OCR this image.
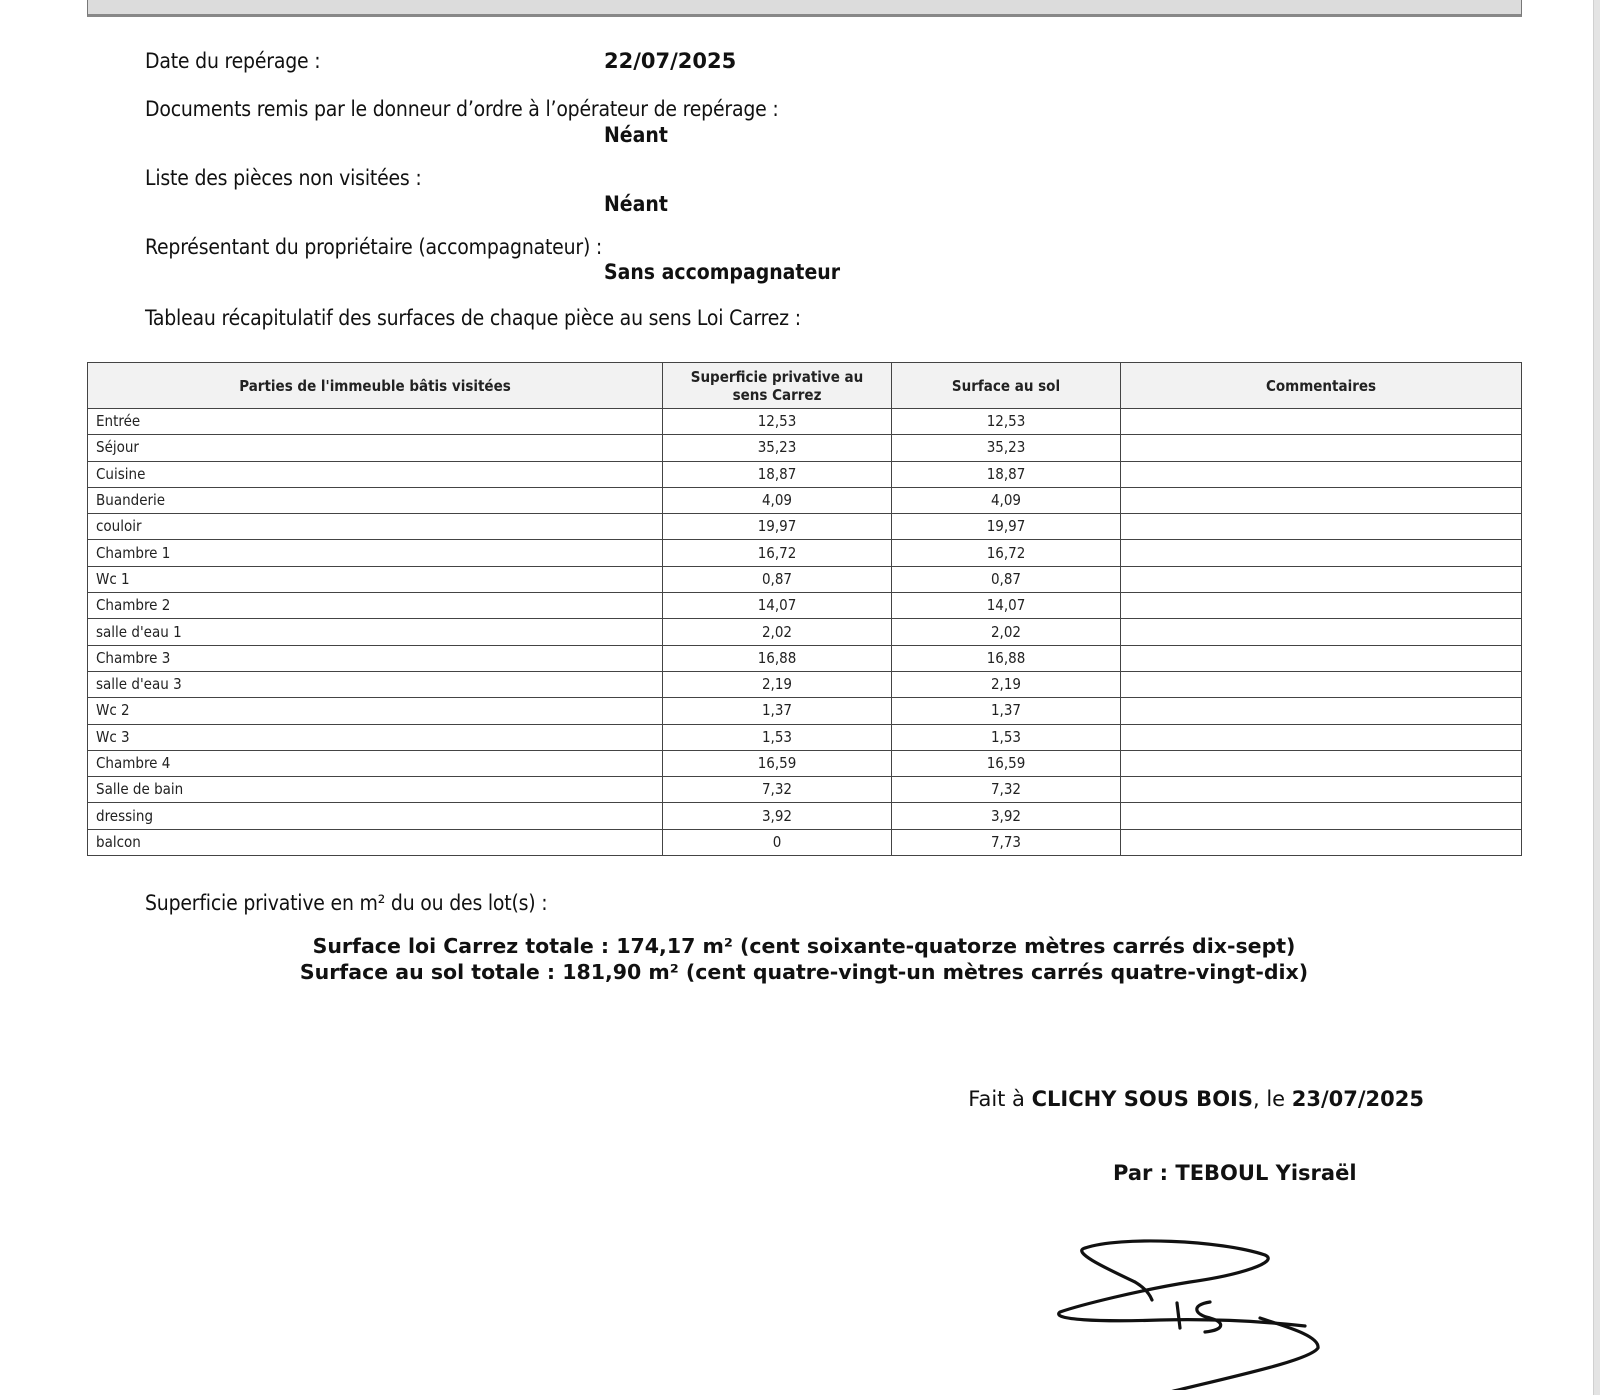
Date du repérage :	22/07/2025
Documents remis par le donneur d’ordre à l’opérateur de repérage :
Néant
Liste des pièces non visitées :
Néant
Représentant du propriétaire (accompagnateur) :
Sans accompagnateur
Tableau récapitulatif des surfaces de chaque pièce au sens Loi Carrez :
Parties de l'immeuble bâtis visitées	Superficie privative au sens Carrez	Surface au sol	Commentaires
Entrée	12,53	12,53	
Séjour	35,23	35,23	
Cuisine	18,87	18,87	
Buanderie	4,09	4,09	
couloir	19,97	19,97	
Chambre 1	16,72	16,72	
Wc 1	0,87	0,87	
Chambre 2	14,07	14,07	
salle d'eau 1	2,02	2,02	
Chambre 3	16,88	16,88	
salle d'eau 3	2,19	2,19	
Wc 2	1,37	1,37	
Wc 3	1,53	1,53	
Chambre 4	16,59	16,59	
Salle de bain	7,32	7,32	
dressing	3,92	3,92	
balcon	0	7,73	
Superficie privative en m² du ou des lot(s) :
Surface loi Carrez totale : 174,17 m² (cent soixante-quatorze mètres carrés dix-sept)
Surface au sol totale : 181,90 m² (cent quatre-vingt-un mètres carrés quatre-vingt-dix)
Fait à CLICHY SOUS BOIS, le 23/07/2025
Par : TEBOUL Yisraël
